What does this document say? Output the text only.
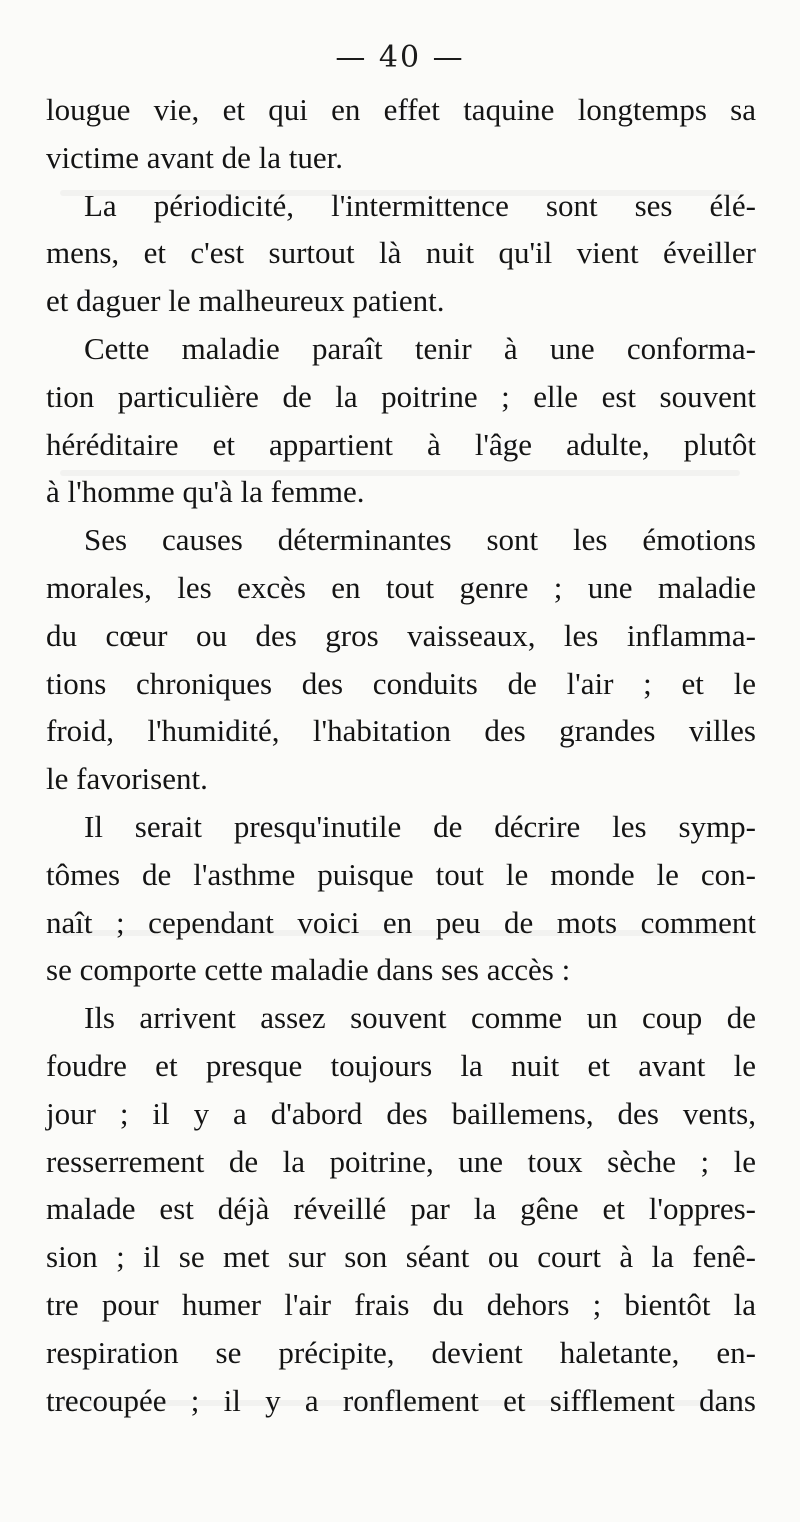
— 40 —
lougue vie, et qui en effet taquine longtemps sa
victime avant de la tuer.
La périodicité, l'intermittence sont ses élé-
mens, et c'est surtout là nuit qu'il vient éveiller
et daguer le malheureux patient.
Cette maladie paraît tenir à une conforma-
tion particulière de la poitrine ; elle est souvent
héréditaire et appartient à l'âge adulte, plutôt
à l'homme qu'à la femme.
Ses causes déterminantes sont les émotions
morales, les excès en tout genre ; une maladie
du cœur ou des gros vaisseaux, les inflamma-
tions chroniques des conduits de l'air ; et le
froid, l'humidité, l'habitation des grandes villes
le favorisent.
Il serait presqu'inutile de décrire les symp-
tômes de l'asthme puisque tout le monde le con-
naît ; cependant voici en peu de mots comment
se comporte cette maladie dans ses accès :
Ils arrivent assez souvent comme un coup de
foudre et presque toujours la nuit et avant le
jour ; il y a d'abord des baillemens, des vents,
resserrement de la poitrine, une toux sèche ; le
malade est déjà réveillé par la gêne et l'oppres-
sion ; il se met sur son séant ou court à la fenê-
tre pour humer l'air frais du dehors ; bientôt la
respiration se précipite, devient haletante, en-
trecoupée ; il y a ronflement et sifflement dans
